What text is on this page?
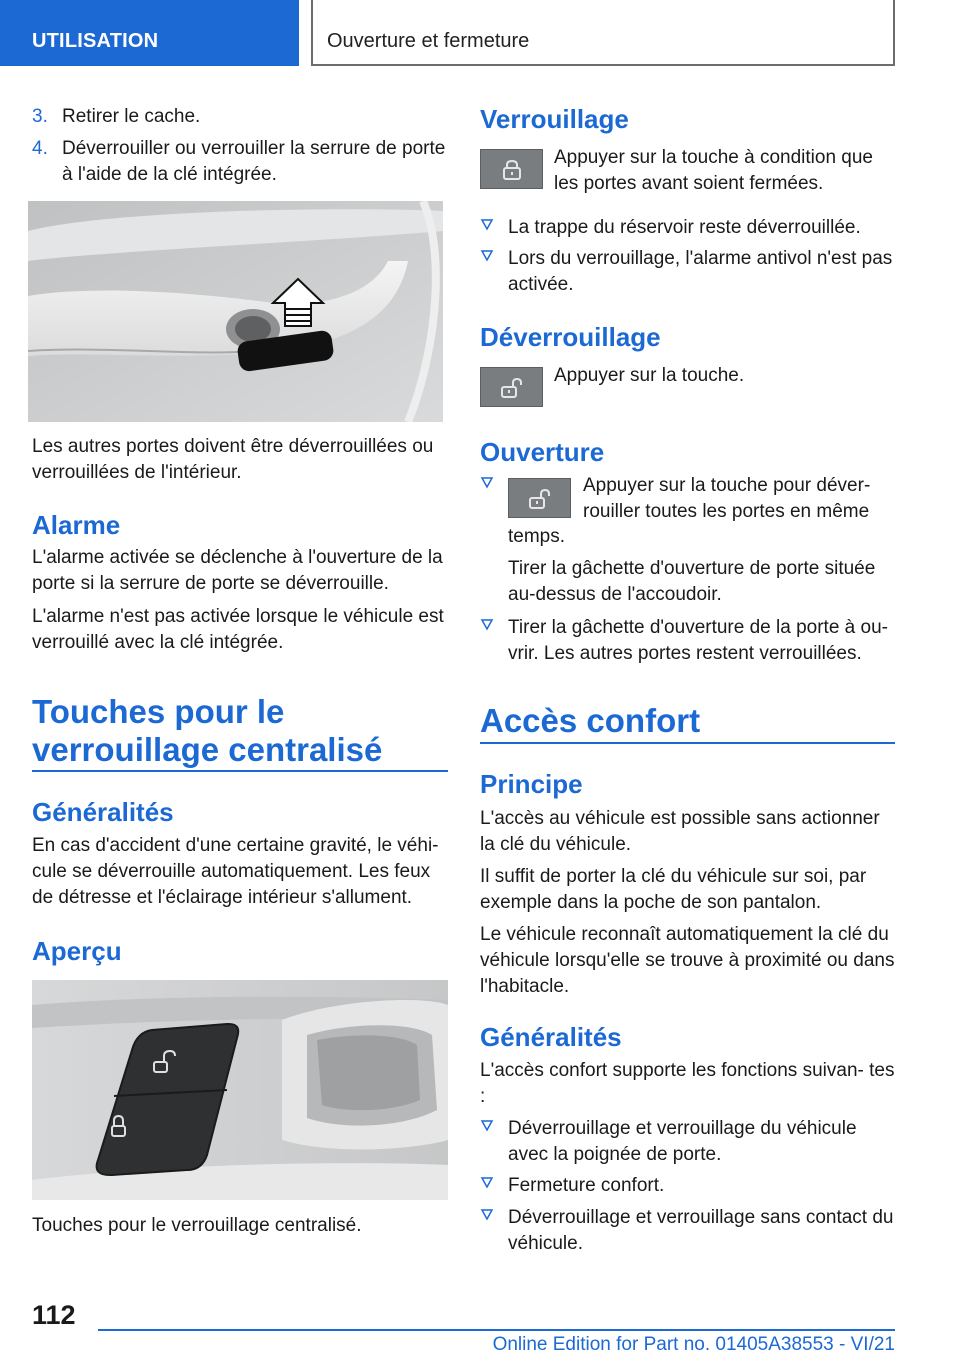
UTILISATION	Ouverture et fermeture
3. Retirer le cache.
4. Déverrouiller ou verrouiller la serrure de porte à l'aide de la clé intégrée.
Les autres portes doivent être déverrouillées ou verrouillées de l'intérieur.
Alarme
L'alarme activée se déclenche à l'ouverture de la porte si la serrure de porte se déverrouille.
L'alarme n'est pas activée lorsque le véhicule est verrouillé avec la clé intégrée.
Touches pour le
verrouillage centralisé
Généralités
En cas d'accident d'une certaine gravité, le véhi- cule se déverrouille automatiquement. Les feux de détresse et l'éclairage intérieur s'allument.
Aperçu
Touches pour le verrouillage centralisé.
Verrouillage
Appuyer sur la touche à condition que les portes avant soient fermées.
La trappe du réservoir reste déverrouillée.
Lors du verrouillage, l'alarme antivol n'est pas activée.
Déverrouillage
Appuyer sur la touche.
Ouverture
Appuyer sur la touche pour déver- rouiller toutes les portes en même
temps.
Tirer la gâchette d'ouverture de porte située au-dessus de l'accoudoir.
Tirer la gâchette d'ouverture de la porte à ou- vrir. Les autres portes restent verrouillées.
Accès confort
Principe
L'accès au véhicule est possible sans actionner la clé du véhicule.
Il suffit de porter la clé du véhicule sur soi, par exemple dans la poche de son pantalon.
Le véhicule reconnaît automatiquement la clé du véhicule lorsqu'elle se trouve à proximité ou dans l'habitacle.
Généralités
L'accès confort supporte les fonctions suivan- tes :
Déverrouillage et verrouillage du véhicule avec la poignée de porte.
Fermeture confort.
Déverrouillage et verrouillage sans contact du véhicule.
112
Online Edition for Part no. 01405A38553 - VI/21
